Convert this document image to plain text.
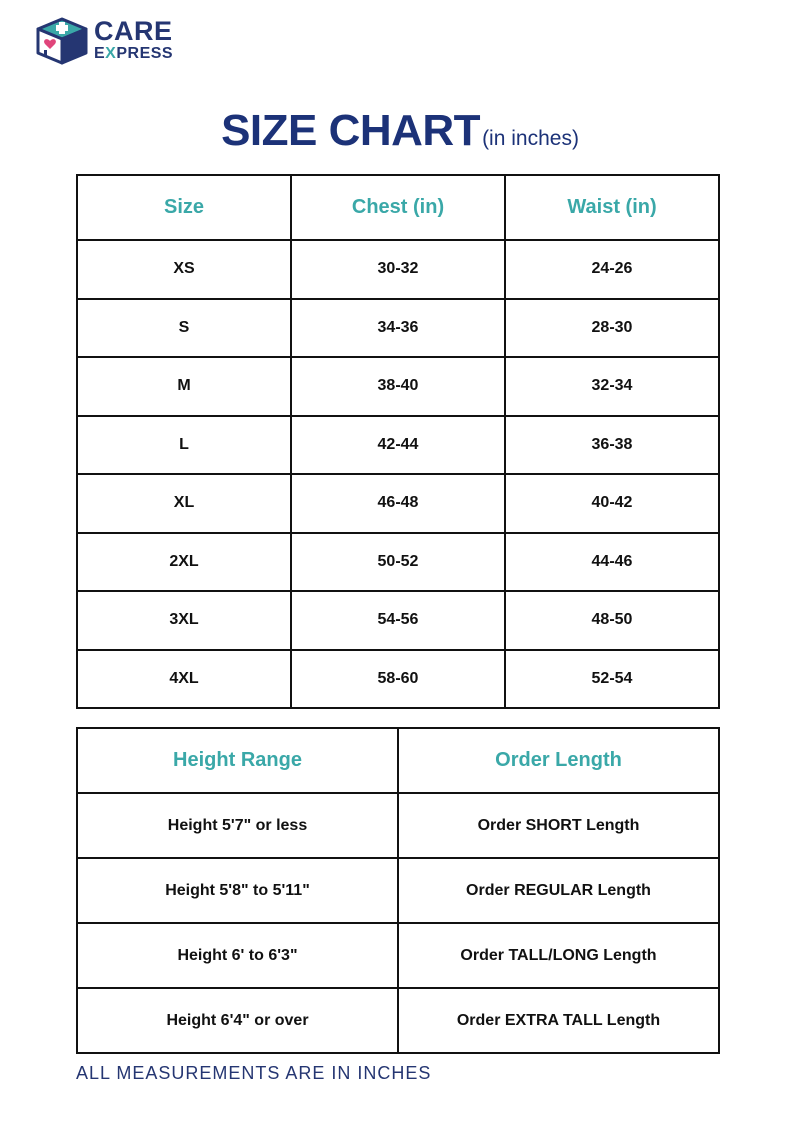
CARE
EXPRESS
SIZE CHART(in inches)
Size	Chest (in)	Waist (in)
XS	30-32	24-26
S	34-36	28-30
M	38-40	32-34
L	42-44	36-38
XL	46-48	40-42
2XL	50-52	44-46
3XL	54-56	48-50
4XL	58-60	52-54
Height Range	Order Length
Height 5'7" or less	Order SHORT Length
Height 5'8" to 5'11"	Order REGULAR Length
Height 6' to 6'3"	Order TALL/LONG Length
Height 6'4" or over	Order EXTRA TALL Length
ALL MEASUREMENTS ARE IN INCHES
